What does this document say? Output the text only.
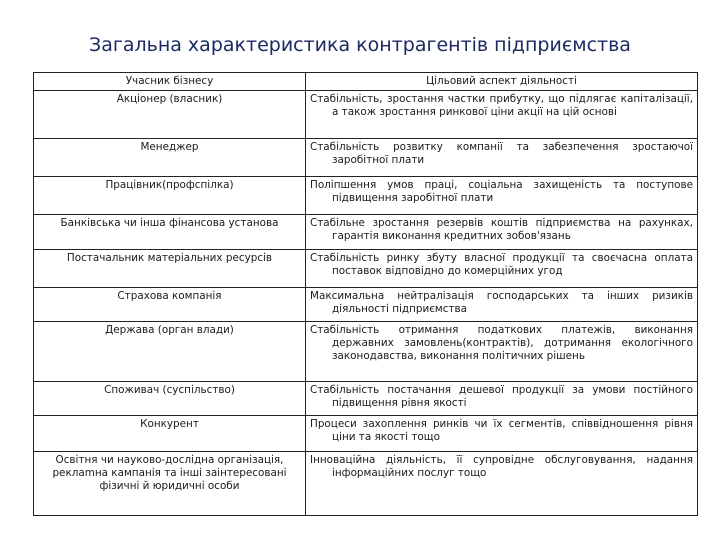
Загальна характеристика контрагентів підприємства
Учасник бізнесу	Цільовий аспект діяльності
Акціонер (власник)	Стабільність, зростання частки прибутку, що підлягає капіталізації, а також зростання ринкової ціни акції на цій основі

Менеджер	Стабільність розвитку компанії та забезпечення зростаючої заробітної плати

Працівник(профспілка)	Поліпшення умов праці, соціальна захищеність та поступове підвищення заробітної плати

Банківська чи інша фінансова установа	Стабільне зростання резервів коштів підприємства на рахунках, гарантія виконання кредитних зобов'язань

Постачальник матеріальних ресурсів	Стабільність ринку збуту власної продукції та своєчасна оплата поставок відповідно до комерційних угод

Страхова компанія	Максимальна нейтралізація господарських та інших ризиків діяльності підприємства

Держава (орган влади)	Стабільність отримання податкових платежів, виконання державних замовлень(контрактів), дотримання екологічного законодавства, виконання політичних рішень

Споживач (суспільство)	Стабільність постачання дешевої продукції за умови постійного підвищення рівня якості

Конкурент	Процеси захоплення ринків чи їх сегментів, співвідношення рівня ціни та якості тощо

Освітня чи науково-дослідна організація, реклamна кампанія та інші заінтересовані фізичні й юридичні особи	Інноваційна діяльність, її супровідне обслуговування, надання інформаційних послуг тощо
